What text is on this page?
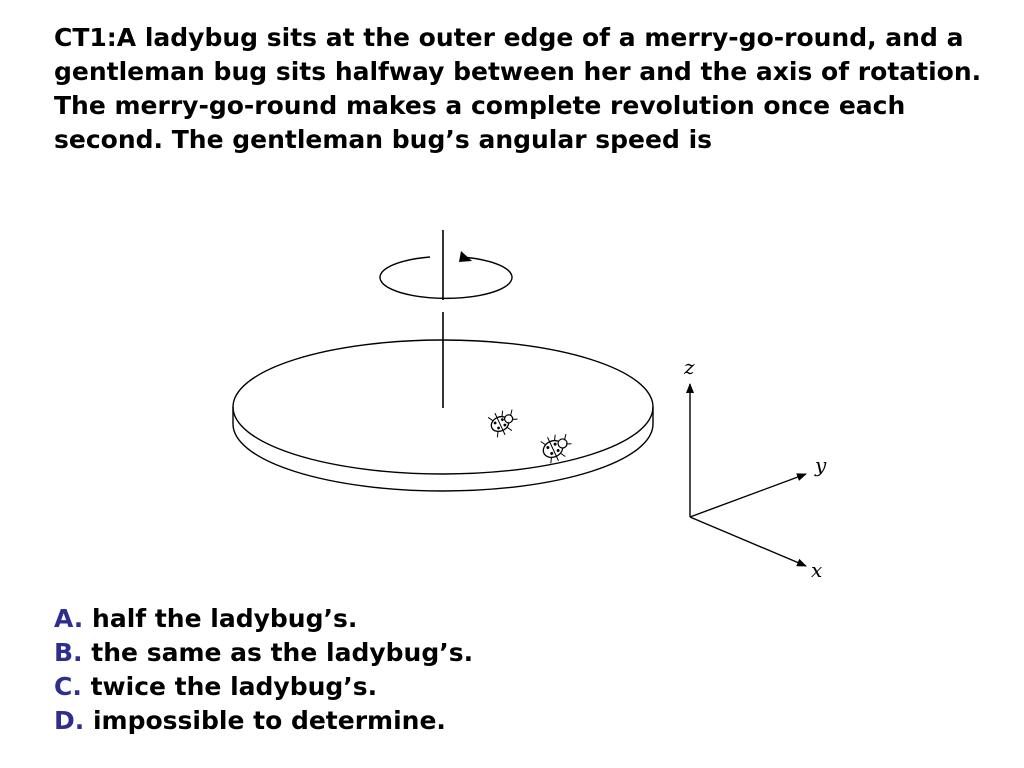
CT1:A ladybug sits at the outer edge of a merry-go-round, and a gentleman bug sits halfway between her and the axis of rotation. The merry-go-round makes a complete revolution once each second. The gentleman bug’s angular speed is

z
y
x
A. half the ladybug’s.
B. the same as the ladybug’s.
C. twice the ladybug’s.
D. impossible to determine.
